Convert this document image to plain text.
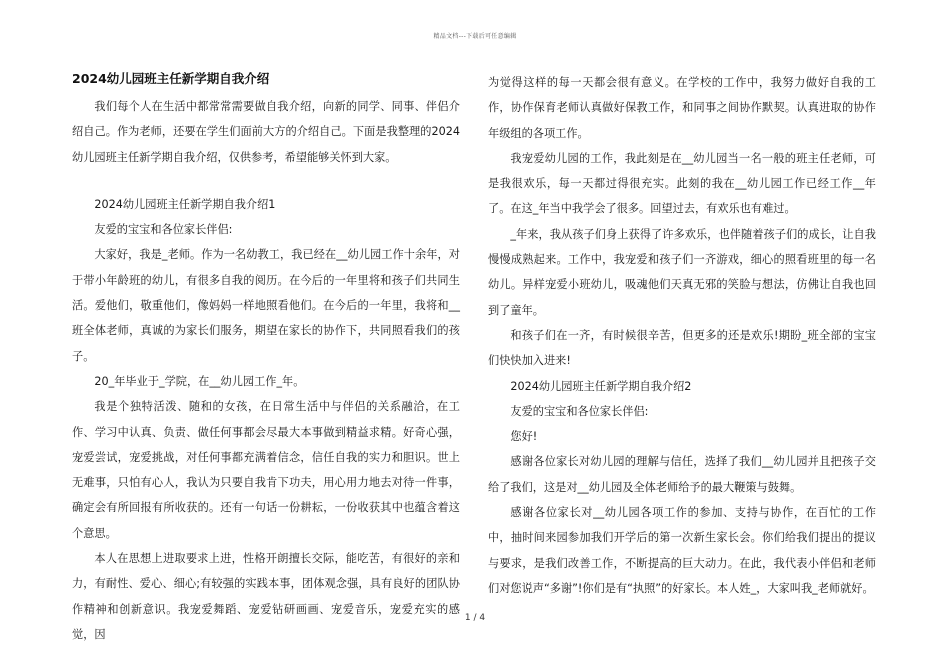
精品文档---下载后可任意编辑
2024幼儿园班主任新学期自我介绍

我们每个人在生活中都常常需要做自我介绍，向新的同学、同事、伴侣介绍自己。作为老师，还要在学生们面前大方的介绍自己。下面是我整理的2024幼儿园班主任新学期自我介绍，仅供参考，希望能够关怀到大家。

2024幼儿园班主任新学期自我介绍1

友爱的宝宝和各位家长伴侣:

大家好，我是_老师。作为一名幼教工，我已经在__幼儿园工作十余年，对于带小年龄班的幼儿，有很多自我的阅历。在今后的一年里将和孩子们共同生活。爱他们，敬重他们，像妈妈一样地照看他们。在今后的一年里，我将和__班全体老师，真诚的为家长们服务，期望在家长的协作下，共同照看我们的孩子。

20_年毕业于_学院，在__幼儿园工作_年。

我是个独特活泼、随和的女孩，在日常生活中与伴侣的关系融洽，在工作、学习中认真、负责、做任何事都会尽最大本事做到精益求精。好奇心强，宠爱尝试，宠爱挑战，对任何事都充满着信念，信任自我的实力和胆识。世上无难事，只怕有心人，我认为只要自我肯下功夫，用心用力地去对待一件事，确定会有所回报有所收获的。还有一句话一份耕耘，一份收获其中也蕴含着这个意思。

本人在思想上进取要求上进，性格开朗擅长交际，能吃苦，有很好的亲和力，有耐性、爱心、细心;有较强的实践本事，团体观念强，具有良好的团队协作精神和创新意识。我宠爱舞蹈、宠爱钻研画画、宠爱音乐，宠爱充实的感觉，因

为觉得这样的每一天都会很有意义。在学校的工作中，我努力做好自我的工作，协作保育老师认真做好保教工作，和同事之间协作默契。认真进取的协作年级组的各项工作。

我宠爱幼儿园的工作，我此刻是在__幼儿园当一名一般的班主任老师，可是我很欢乐，每一天都过得很充实。此刻的我在__幼儿园工作已经工作__年了。在这_年当中我学会了很多。回望过去，有欢乐也有难过。

_年来，我从孩子们身上获得了许多欢乐，也伴随着孩子们的成长，让自我慢慢成熟起来。工作中，我宠爱和孩子们一齐游戏，细心的照看班里的每一名幼儿。异样宠爱小班幼儿，吸魂他们天真无邪的笑脸与想法，仿佛让自我也回到了童年。

和孩子们在一齐，有时候很辛苦，但更多的还是欢乐!期盼_班全部的宝宝们快快加入进来!

2024幼儿园班主任新学期自我介绍2

友爱的宝宝和各位家长伴侣:

您好!

感谢各位家长对幼儿园的理解与信任，选择了我们__幼儿园并且把孩子交给了我们，这是对__幼儿园及全体老师给予的最大鞭策与鼓舞。

感谢各位家长对__幼儿园各项工作的参加、支持与协作，在百忙的工作中，抽时间来园参加我们开学后的第一次新生家长会。你们给我们提出的提议与要求，是我们改善工作，不断提高的巨大动力。在此，我代表小伴侣和老师们对您说声“多谢”!你们是有“执照”的好家长。本人姓_，大家叫我_老师就好。

1 / 4
